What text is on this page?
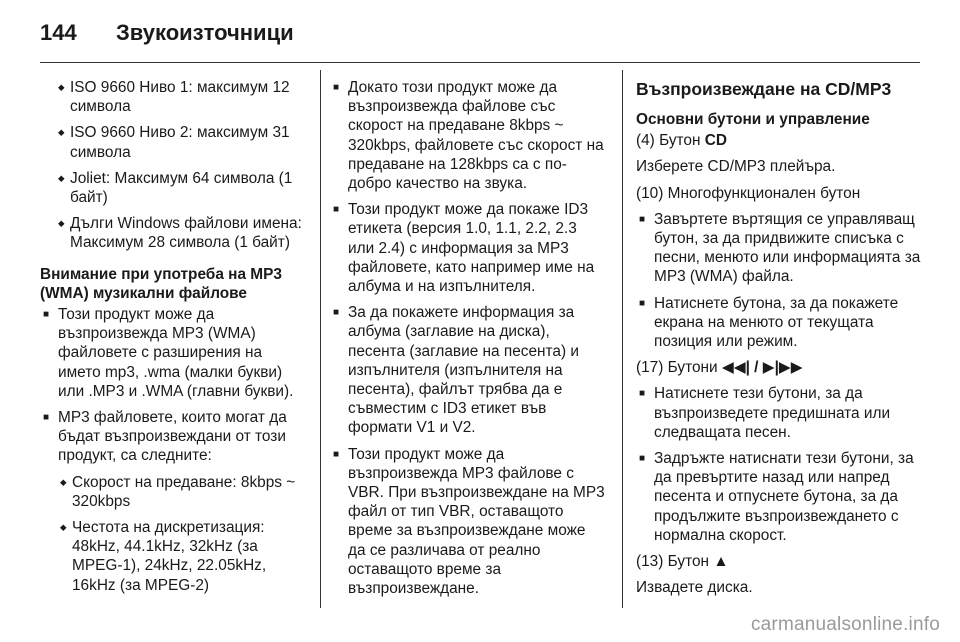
144	Звукоизточници
◆ ISO 9660 Ниво 1: максимум 12 символа
◆ ISO 9660 Ниво 2: максимум 31 символа
◆ Joliet: Максимум 64 символа (1 байт)
◆ Дълги Windows файлови имена: Максимум 28 символа (1 байт)
Внимание при употреба на MP3 (WMA) музикални файлове
■ Този продукт може да възпроизвежда MP3 (WMA) файловете с разширения на името mp3, .wma (малки букви) или .MP3 и .WMA (главни букви).
■ MP3 файловете, които могат да бъдат възпроизвеждани от този продукт, са следните:
◆ Скорост на предаване: 8kbps ~ 320kbps
◆ Честота на дискретизация: 48kHz, 44.1kHz, 32kHz (за MPEG-1), 24kHz, 22.05kHz, 16kHz (за MPEG-2)
■ Докато този продукт може да възпроизвежда файлове със скорост на предаване 8kbps ~ 320kbps, файловете със скорост на предаване на 128kbps са с по-добро качество на звука.
■ Този продукт може да покаже ID3 етикета (версия 1.0, 1.1, 2.2, 2.3 или 2.4) с информация за MP3 файловете, като например име на албума и на изпълнителя.
■ За да покажете информация за албума (заглавие на диска), песента (заглавие на песента) и изпълнителя (изпълнителя на песента), файлът трябва да е съвместим с ID3 етикет във формати V1 и V2.
■ Този продукт може да възпроизвежда MP3 файлове с VBR. При възпроизвеждане на MP3 файл от тип VBR, оставащото време за възпроизвеждане може да се различава от реално оставащото време за възпроизвеждане.
Възпроизвеждане на CD/MP3
Основни бутони и управление
(4) Бутон CD
Изберете CD/MP3 плейъра.
(10) Многофункционален бутон
■ Завъртете въртящия се управляващ бутон, за да придвижите списъка с песни, менюто или информацията за MP3 (WMA) файла.
■ Натиснете бутона, за да покажете екрана на менюто от текущата позиция или режим.
(17) Бутони ◀◀| / ▶|▶▶
■ Натиснете тези бутони, за да възпроизведете предишната или следващата песен.
■ Задръжте натиснати тези бутони, за да превъртите назад или напред песента и отпуснете бутона, за да продължите възпроизвеждането с нормална скорост.
(13) Бутон ▲
Извадете диска.
carmanualsonline.info
